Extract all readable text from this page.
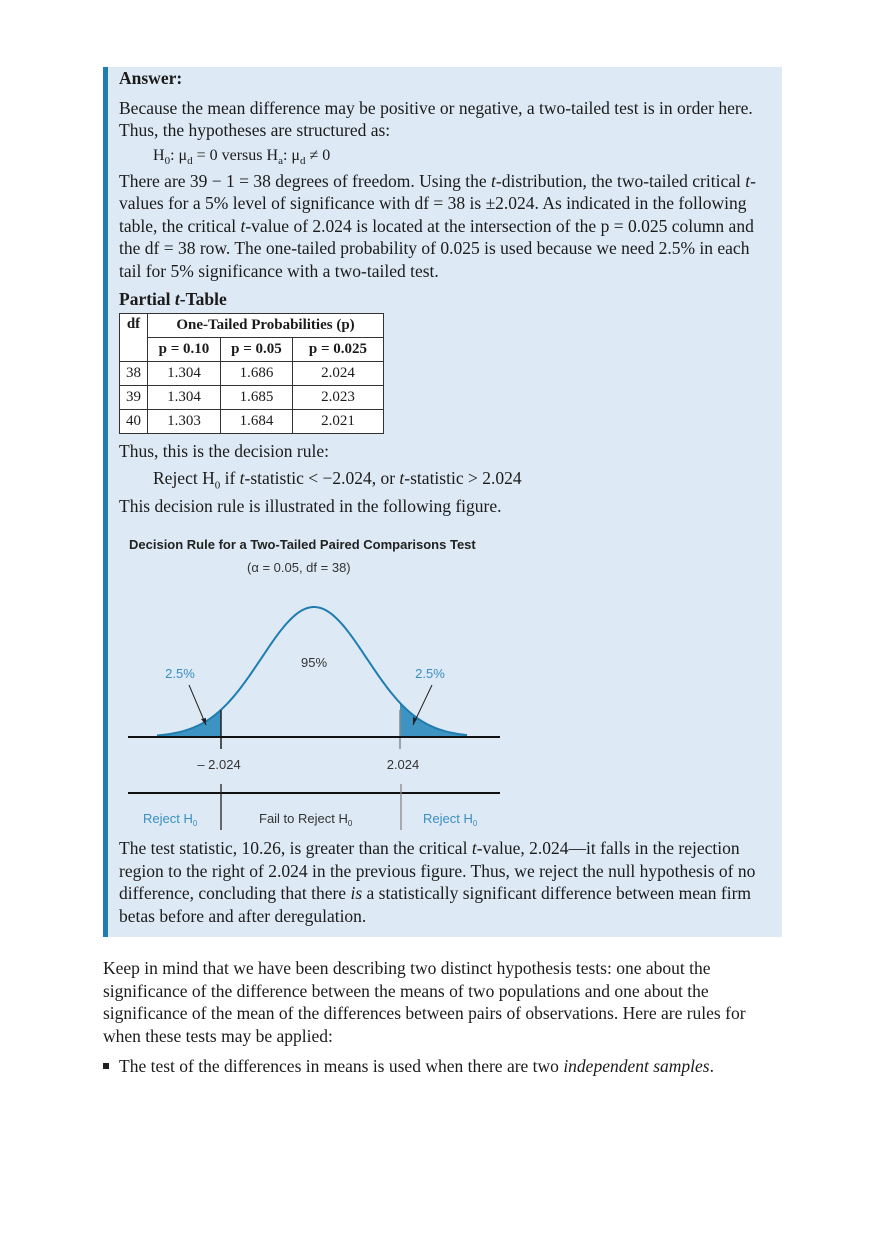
Answer:

Because the mean difference may be positive or negative, a two-tailed test is in order here. Thus, the hypotheses are structured as:

$H_0$: $\mu_d = 0$ versus $H_a$: $\mu_d \ne 0$

There are 39 − 1 = 38 degrees of freedom. Using the t-distribution, the two-tailed critical t-values for a 5% level of significance with df = 38 is ±2.024. As indicated in the following table, the critical t-value of 2.024 is located at the intersection of the p = 0.025 column and the df = 38 row. The one-tailed probability of 0.025 is used because we need 2.5% in each tail for 5% significance with a two-tailed test.

Partial t-Table

df	One-Tailed Probabilities (p)		
	p = 0.10	p = 0.05	p = 0.025
38	1.304	1.686	2.024
39	1.304	1.685	2.023
40	1.303	1.684	2.021

Thus, this is the decision rule:

Reject $H_0$ if t-statistic < −2.024, or t-statistic > 2.024

This decision rule is illustrated in the following figure.

Decision Rule for a Two-Tailed Paired Comparisons Test
(α = 0.05, df = 38)
95%
2.5%	2.5%
– 2.024	2.024
Reject $H_0$	Fail to Reject $H_0$	Reject $H_0$

The test statistic, 10.26, is greater than the critical t-value, 2.024—it falls in the rejection region to the right of 2.024 in the previous figure. Thus, we reject the null hypothesis of no difference, concluding that there is a statistically significant difference between mean firm betas before and after deregulation.

Keep in mind that we have been describing two distinct hypothesis tests: one about the significance of the difference between the means of two populations and one about the significance of the mean of the differences between pairs of observations. Here are rules for when these tests may be applied:

The test of the differences in means is used when there are two independent samples.
